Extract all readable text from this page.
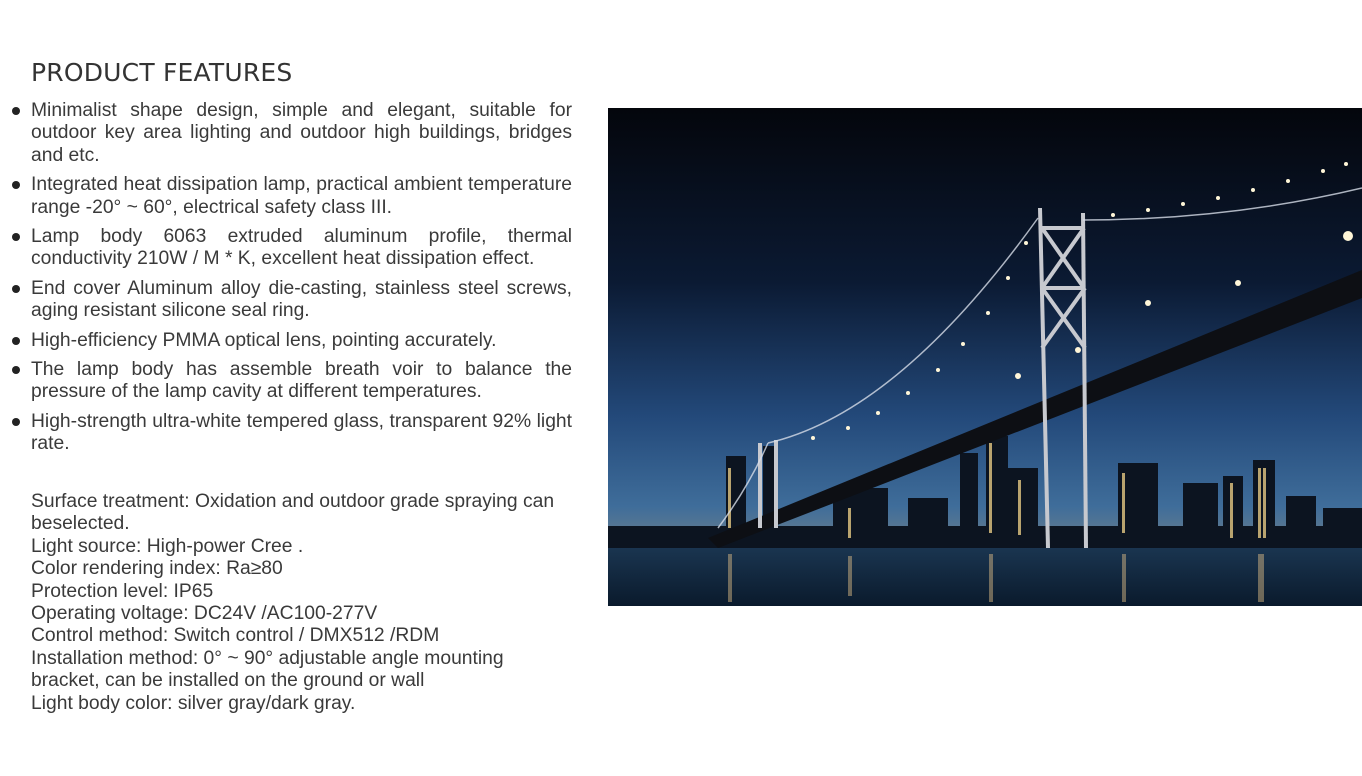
PRODUCT FEATURES
Minimalist shape design, simple and elegant, suitable for outdoor key area lighting and outdoor high buildings, bridges and etc.
Integrated heat dissipation lamp, practical ambient temperature range -20° ~ 60°, electrical safety class III.
Lamp body 6063 extruded aluminum profile, thermal conductivity 210W / M * K, excellent heat dissipation effect.
End cover Aluminum alloy die-casting, stainless steel screws, aging resistant silicone seal ring.
High-efficiency PMMA optical lens, pointing accurately.
The lamp body has assemble breath voir to balance the pressure of the lamp cavity at different temperatures.
High-strength ultra-white tempered glass, transparent 92% light rate.
Surface treatment: Oxidation and outdoor grade spraying can beselected.
Light source: High-power Cree .
Color rendering index: Ra≥80
Protection level: IP65
Operating voltage: DC24V /AC100-277V
Control method: Switch control / DMX512 /RDM
Installation method: 0° ~ 90° adjustable angle mounting bracket, can be installed on the ground or wall
Light body color: silver gray/dark gray.
